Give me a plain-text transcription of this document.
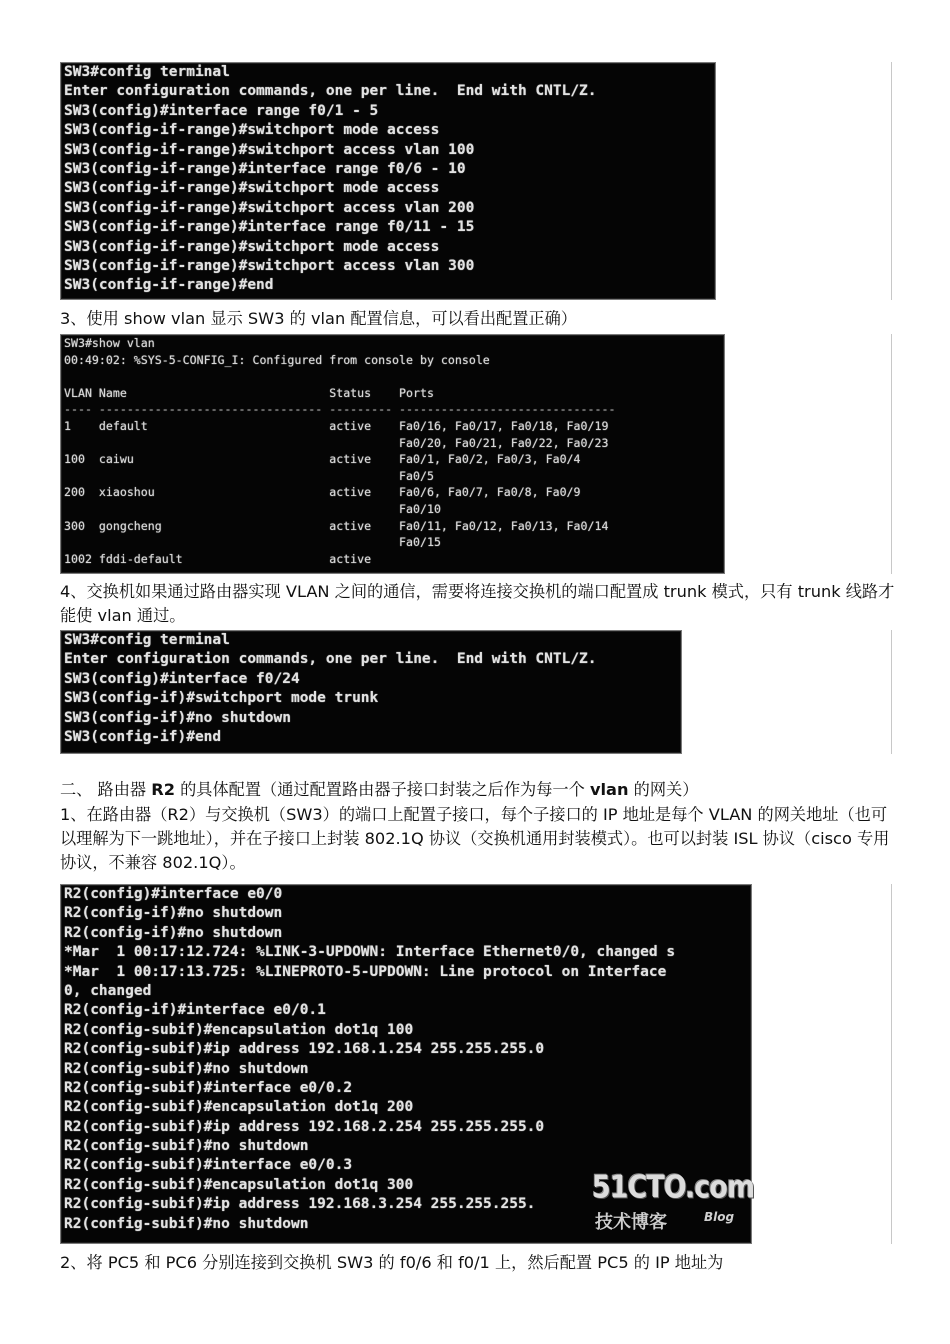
SW3#config terminal
Enter configuration commands, one per line.  End with CNTL/Z.
SW3(config)#interface range f0/1 - 5
SW3(config-if-range)#switchport mode access
SW3(config-if-range)#switchport access vlan 100
SW3(config-if-range)#interface range f0/6 - 10
SW3(config-if-range)#switchport mode access
SW3(config-if-range)#switchport access vlan 200
SW3(config-if-range)#interface range f0/11 - 15
SW3(config-if-range)#switchport mode access
SW3(config-if-range)#switchport access vlan 300
SW3(config-if-range)#end

3、使用 show vlan 显示 SW3 的 vlan 配置信息，可以看出配置正确）

SW3#show vlan
00:49:02: %SYS-5-CONFIG_I: Configured from console by console
VLAN Name                             Status    Ports
---- -------------------------------- --------- -------------------------------
1    default                          active    Fa0/16, Fa0/17, Fa0/18, Fa0/19
Fa0/20, Fa0/21, Fa0/22, Fa0/23
100  caiwu                            active    Fa0/1, Fa0/2, Fa0/3, Fa0/4
Fa0/5
200  xiaoshou                         active    Fa0/6, Fa0/7, Fa0/8, Fa0/9
Fa0/10
300  gongcheng                        active    Fa0/11, Fa0/12, Fa0/13, Fa0/14
Fa0/15
1002 fddi-default                     active

4、交换机如果通过路由器实现 VLAN 之间的通信，需要将连接交换机的端口配置成 trunk 模式，只有 trunk 线路才能使 vlan 通过。

SW3#config terminal
Enter configuration commands, one per line.  End with CNTL/Z.
SW3(config)#interface f0/24
SW3(config-if)#switchport mode trunk
SW3(config-if)#no shutdown
SW3(config-if)#end

二、 路由器 R2 的具体配置（通过配置路由器子接口封装之后作为每一个 vlan 的网关）

1、在路由器（R2）与交换机（SW3）的端口上配置子接口，每个子接口的 IP 地址是每个 VLAN 的网关地址（也可以理解为下一跳地址），并在子接口上封装 802.1Q 协议（交换机通用封装模式）。也可以封装 ISL 协议（cisco 专用协议，不兼容 802.1Q）。

R2(config)#interface e0/0
R2(config-if)#no shutdown
R2(config-if)#no shutdown
*Mar  1 00:17:12.724: %LINK-3-UPDOWN: Interface Ethernet0/0, changed s
*Mar  1 00:17:13.725: %LINEPROTO-5-UPDOWN: Line protocol on Interface
0, changed
R2(config-if)#interface e0/0.1
R2(config-subif)#encapsulation dot1q 100
R2(config-subif)#ip address 192.168.1.254 255.255.255.0
R2(config-subif)#no shutdown
R2(config-subif)#interface e0/0.2
R2(config-subif)#encapsulation dot1q 200
R2(config-subif)#ip address 192.168.2.254 255.255.255.0
R2(config-subif)#no shutdown
R2(config-subif)#interface e0/0.3
R2(config-subif)#encapsulation dot1q 300
R2(config-subif)#ip address 192.168.3.254 255.255.255.
R2(config-subif)#no shutdown
51CTO.com
技术博客	Blog

2、将 PC5 和 PC6 分别连接到交换机 SW3 的 f0/6 和 f0/1 上，然后配置 PC5 的 IP 地址为
